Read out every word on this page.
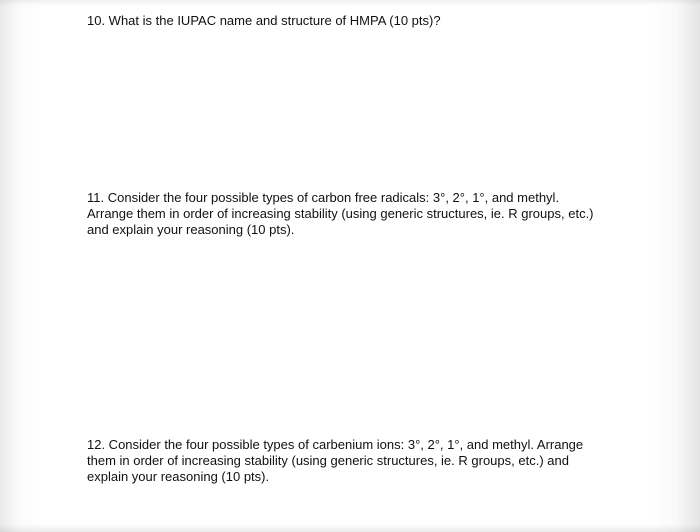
10. What is the IUPAC name and structure of HMPA (10 pts)?
11. Consider the four possible types of carbon free radicals: 3°, 2°, 1°, and methyl.
Arrange them in order of increasing stability (using generic structures, ie. R groups, etc.)
and explain your reasoning (10 pts).
12. Consider the four possible types of carbenium ions: 3°, 2°, 1°, and methyl. Arrange
them in order of increasing stability (using generic structures, ie. R groups, etc.) and
explain your reasoning (10 pts).
